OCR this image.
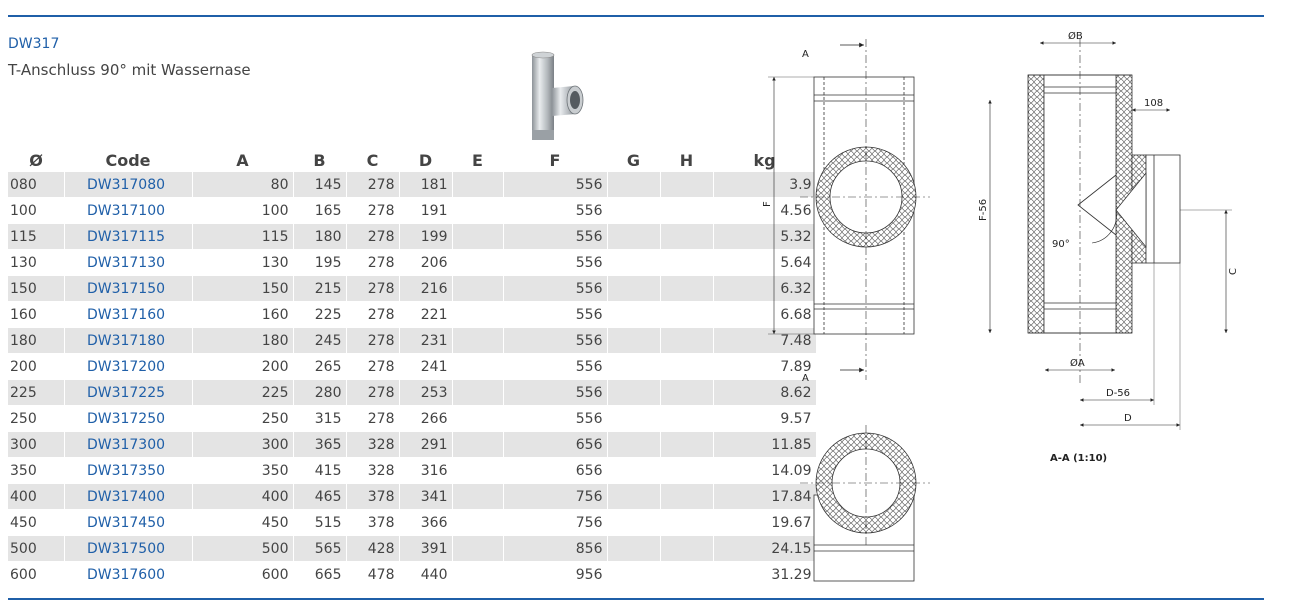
DW317
T-Anschluss 90° mit Wassernase
Ø	Code	A	B	C	D	E	F	G	H	kg
080	DW317080	80	145	278	181		556			3.9
100	DW317100	100	165	278	191		556			4.56
115	DW317115	115	180	278	199		556			5.32
130	DW317130	130	195	278	206		556			5.64
150	DW317150	150	215	278	216		556			6.32
160	DW317160	160	225	278	221		556			6.68
180	DW317180	180	245	278	231		556			7.48
200	DW317200	200	265	278	241		556			7.89
225	DW317225	225	280	278	253		556			8.62
250	DW317250	250	315	278	266		556			9.57
300	DW317300	300	365	328	291		656			11.85
350	DW317350	350	415	328	316		656			14.09
400	DW317400	400	465	378	341		756			17.84
450	DW317450	450	515	378	366		756			19.67
500	DW317500	500	565	428	391		856			24.15
600	DW317600	600	665	478	440		956			31.29
A
A
F
ØB
108
90°
F-56
C
ØA
D-56
D
A-A (1:10)
